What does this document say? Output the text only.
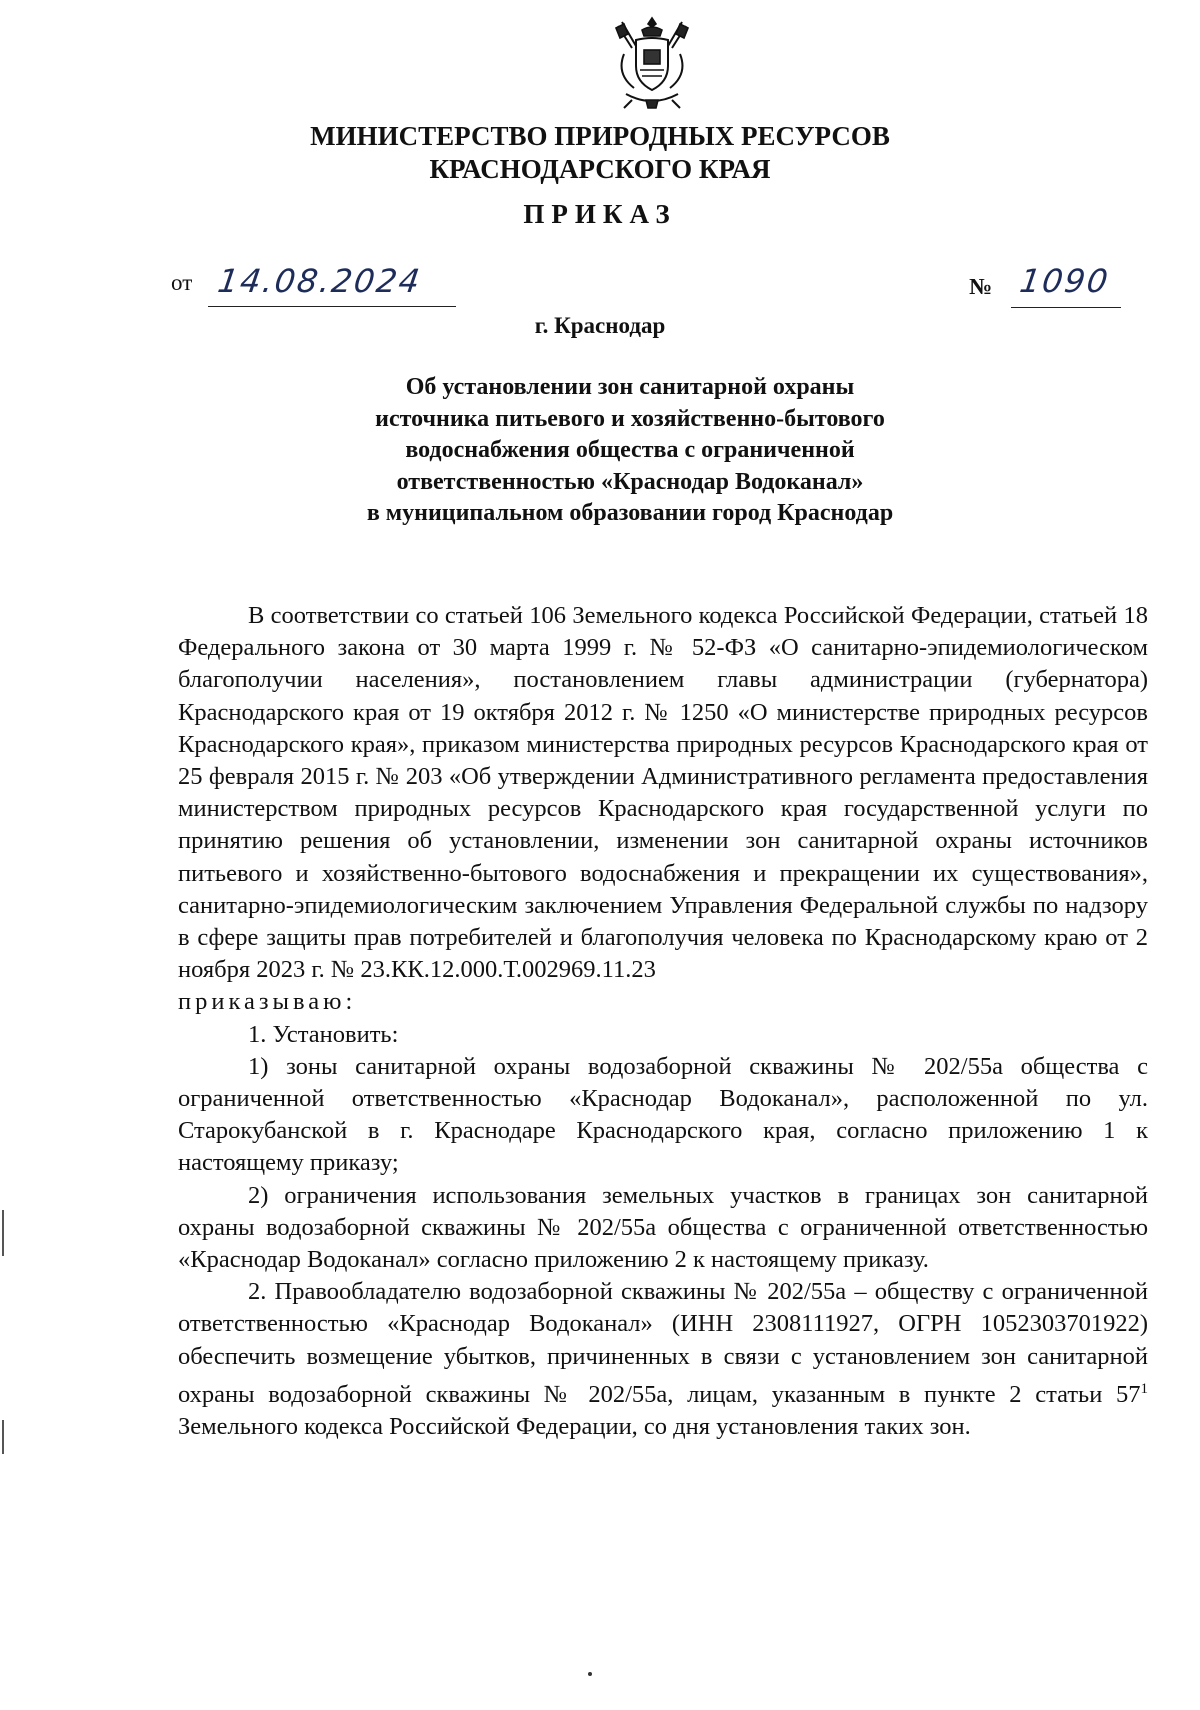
МИНИСТЕРСТВО ПРИРОДНЫХ РЕСУРСОВ
КРАСНОДАРСКОГО КРАЯ
ПРИКАЗ
от 14.08.2024	№ 1090
г. Краснодар
Об установлении зон санитарной охраны
источника питьевого и хозяйственно-бытового
водоснабжения общества с ограниченной
ответственностью «Краснодар Водоканал»
в муниципальном образовании город Краснодар

В соответствии со статьей 106 Земельного кодекса Российской Федерации, статьей 18 Федерального закона от 30 марта 1999 г. № 52-ФЗ «О санитарно-эпидемиологическом благополучии населения», постановлением главы администрации (губернатора) Краснодарского края от 19 октября 2012 г. № 1250 «О министерстве природных ресурсов Краснодарского края», приказом министерства природных ресурсов Краснодарского края от 25 февраля 2015 г. № 203 «Об утверждении Административного регламента предоставления министерством природных ресурсов Краснодарского края государственной услуги по принятию решения об установлении, изменении зон санитарной охраны источников питьевого и хозяйственно-бытового водоснабжения и прекращении их существования», санитарно-эпидемиологическим заключением Управления Федеральной службы по надзору в сфере защиты прав потребителей и благополучия человека по Краснодарскому краю от 2 ноября 2023 г. № 23.КК.12.000.Т.002969.11.23

приказываю:

1. Установить:

1) зоны санитарной охраны водозаборной скважины № 202/55а общества с ограниченной ответственностью «Краснодар Водоканал», расположенной по ул. Старокубанской в г. Краснодаре Краснодарского края, согласно приложению 1 к настоящему приказу;

2) ограничения использования земельных участков в границах зон санитарной охраны водозаборной скважины № 202/55а общества с ограниченной ответственностью «Краснодар Водоканал» согласно приложению 2 к настоящему приказу.

2. Правообладателю водозаборной скважины № 202/55а – обществу с ограниченной ответственностью «Краснодар Водоканал» (ИНН 2308111927, ОГРН 1052303701922) обеспечить возмещение убытков, причиненных в связи с установлением зон санитарной охраны водозаборной скважины № 202/55а, лицам, указанным в пункте 2 статьи $57^1$ Земельного кодекса Российской Федерации, со дня установления таких зон.
